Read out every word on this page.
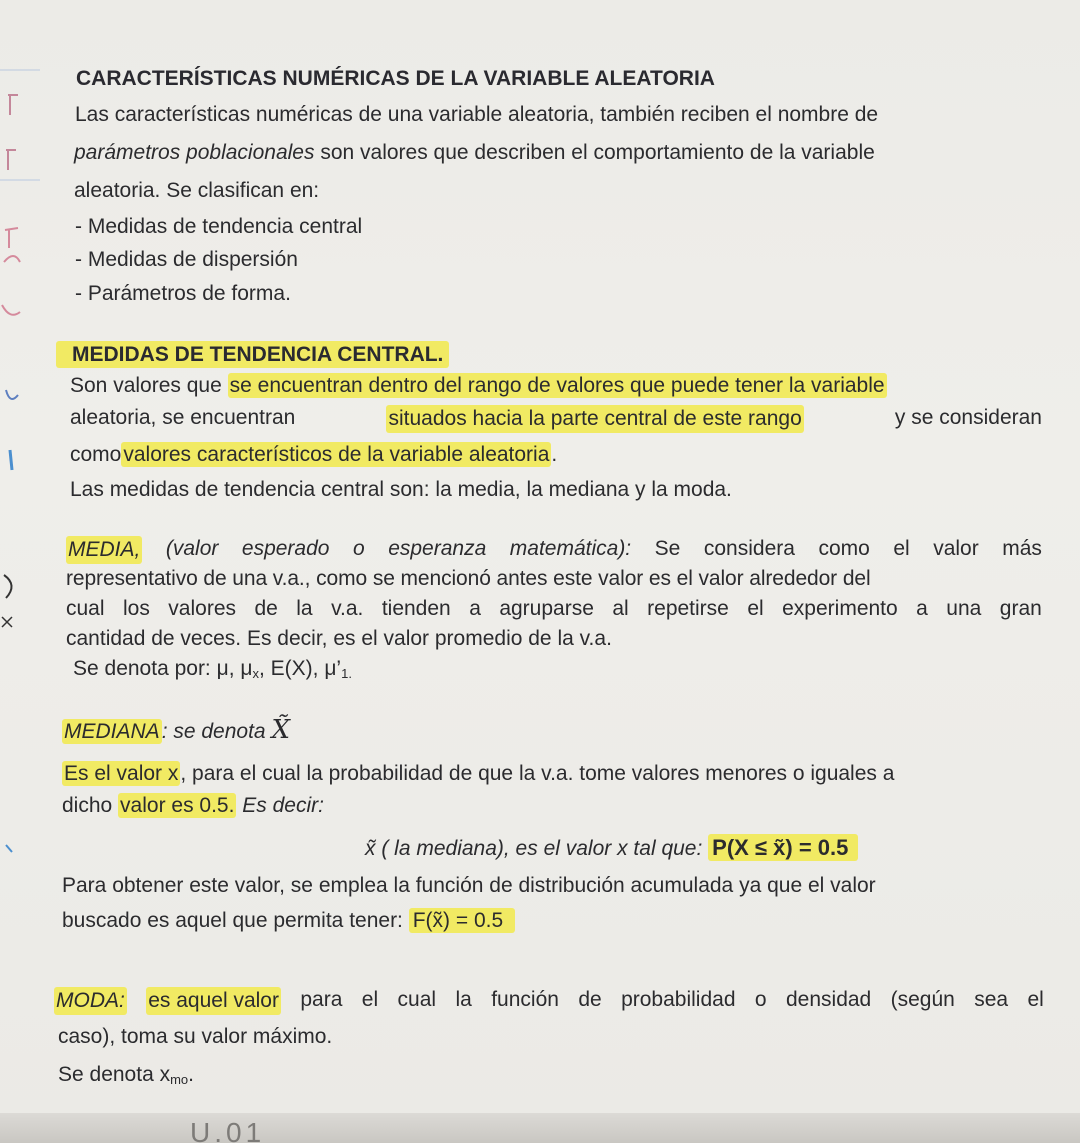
CARACTERÍSTICAS NUMÉRICAS DE LA VARIABLE ALEATORIA
Las características numéricas de una variable aleatoria, también reciben el nombre de
parámetros poblacionales son valores que describen el comportamiento de la variable
aleatoria. Se clasifican en:
- Medidas de tendencia central
- Medidas de dispersión
- Parámetros de forma.
MEDIDAS DE TENDENCIA CENTRAL.
Son valores que se encuentran dentro del rango de valores que puede tener la variable
aleatoria, se encuentran	situados hacia la parte central de este rango	y se consideran
comovalores característicos de la variable aleatoria.
Las medidas de tendencia central son: la media, la mediana y la moda.
MEDIA, (valor esperado o esperanza matemática): Se considera como el valor más
representativo de una v.a., como se mencionó antes este valor es el valor alrededor del
cual los valores de la v.a. tienden a agruparse al repetirse el experimento a una gran
cantidad de veces. Es decir, es el valor promedio de la v.a.
Se denota por: μ, $\mu_x$, E(X), $\mu’_{1.}$
MEDIANA: se denota X̃
Es el valor x, para el cual la probabilidad de que la v.a. tome valores menores o iguales a
dicho valor es 0.5. Es decir:
x̃ ( la mediana), es el valor x tal que: P(X ≤ x̃) = 0.5
Para obtener este valor, se emplea la función de distribución acumulada ya que el valor
buscado es aquel que permita tener: F(x̃) = 0.5
MODA: es aquel valor para el cual la función de probabilidad o densidad (según sea el
caso), toma su valor máximo.
Se denota $x_{mo}$.
U.01
